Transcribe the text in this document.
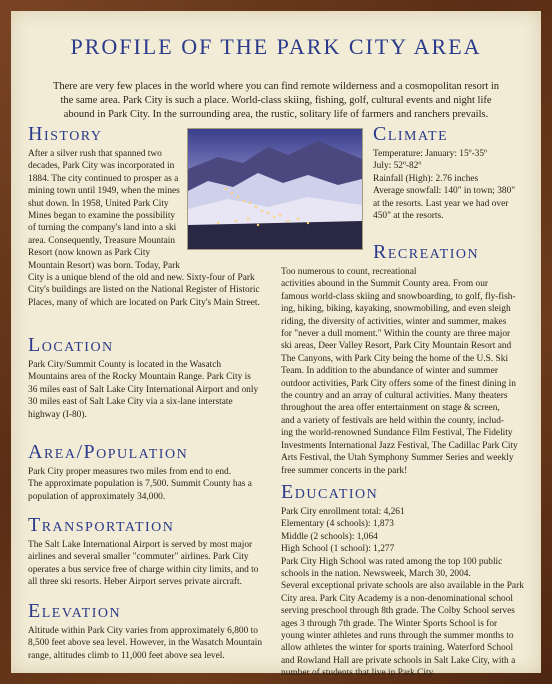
PROFILE OF THE PARK CITY AREA

There are very few places in the world where you can find remote wilderness and a cosmopolitan resort in the same area. Park City is such a place. World-class skiing, fishing, golf, cultural events and night life abound in Park City. In the surrounding area, the rustic, solitary life of farmers and ranchers prevails.

History
After a silver rush that spanned two
decades, Park City was incorporated in
1884. The city continued to prosper as a
mining town until 1949, when the mines
shut down. In 1958, United Park City
Mines began to examine the possibility
of turning the company's land into a ski
area. Consequently, Treasure Mountain
Resort (now known as Park City
Mountain Resort) was born. Today, Park
City is a unique blend of the old and new. Sixty-four of Park
City's buildings are listed on the National Register of Historic
Places, many of which are located on Park City's Main Street.
Climate
Temperature: January: 15º-35º
July: 52º-82º
Rainfall (High): 2.76 inches
Average snowfall: 140" in town; 380"
at the resorts. Last year we had over
450" at the resorts.
Recreation
Too numerous to count, recreational
activities abound in the Summit County area. From our
famous world-class skiing and snowboarding, to golf, fly-fish-
ing, hiking, biking, kayaking, snowmobiling, and even sleigh
riding, the diversity of activities, winter and summer, makes
for "never a dull moment." Within the county are three major
ski areas, Deer Valley Resort, Park City Mountain Resort and
The Canyons, with Park City being the home of the U.S. Ski
Team. In addition to the abundance of winter and summer
outdoor activities, Park City offers some of the finest dining in
the country and an array of cultural activities. Many theaters
throughout the area offer entertainment on stage & screen,
and a variety of festivals are held within the county, includ-
ing the world-renowned Sundance Film Festival, The Fidelity
Investments International Jazz Festival, The Cadillac Park City
Arts Festival, the Utah Symphony Summer Series and weekly
free summer concerts in the park!
Location
Park City/Summit County is located in the Wasatch
Mountains area of the Rocky Mountain Range. Park City is
36 miles east of Salt Lake City International Airport and only
30 miles east of Salt Lake City via a six-lane interstate
highway (I-80).
Area/Population
Park City proper measures two miles from end to end.
The approximate population is 7,500. Summit County has a
population of approximately 34,000.
Transportation
The Salt Lake International Airport is served by most major
airlines and several smaller "commuter" airlines. Park City
operates a bus service free of charge within city limits, and to
all three ski resorts. Heber Airport serves private aircraft.
Elevation
Altitude within Park City varies from approximately 6,800 to
8,500 feet above sea level. However, in the Wasatch Mountain
range, altitudes climb to 11,000 feet above sea level.
Education
Park City enrollment total: 4,261
Elementary (4 schools): 1,873
Middle (2 schools): 1,064
High School (1 school): 1,277
Park City High School was rated among the top 100 public
schools in the nation. Newsweek, March 30, 2004.
Several exceptional private schools are also available in the Park
City area. Park City Academy is a non-denominational school
serving preschool through 8th grade. The Colby School serves
ages 3 through 7th grade. The Winter Sports School is for
young winter athletes and runs through the summer months to
allow athletes the winter for sports training. Waterford School
and Rowland Hall are private schools in Salt Lake City, with a
number of students that live in Park City.
